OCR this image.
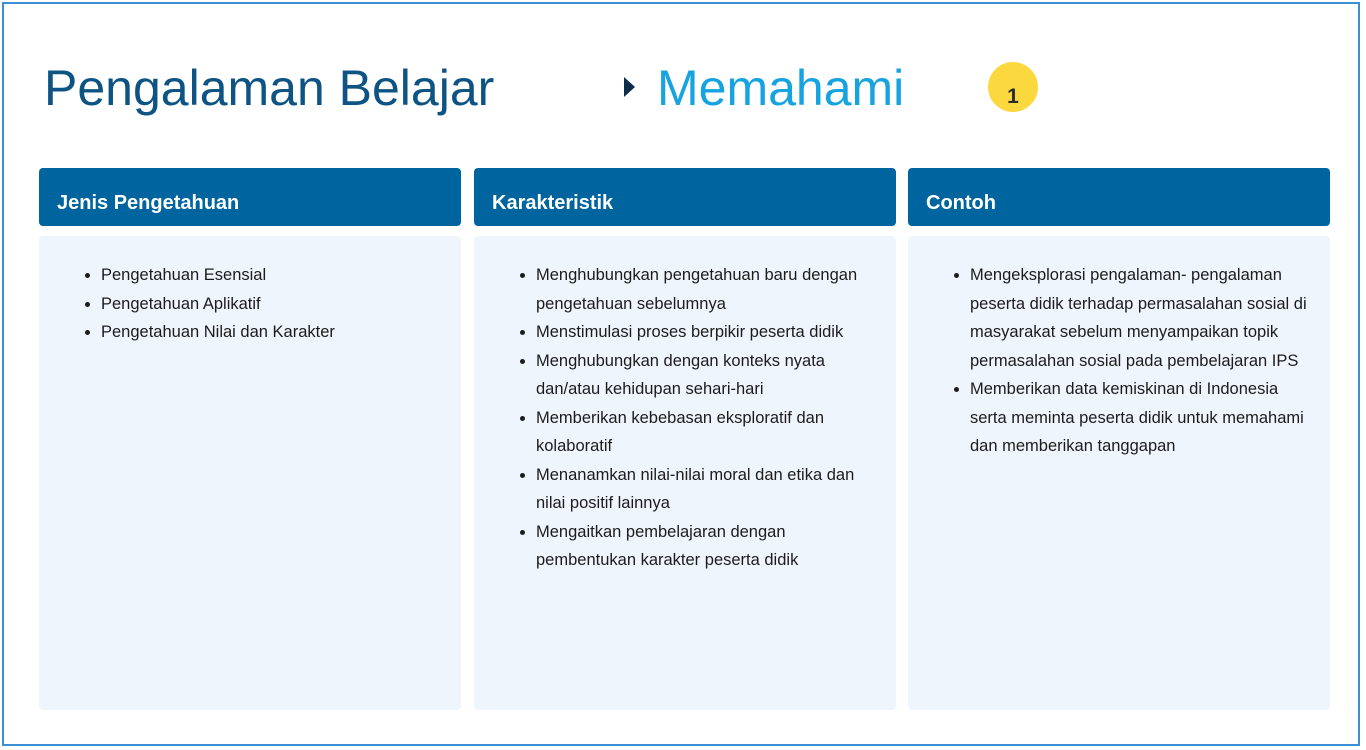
Pengalaman Belajar	Memahami	1
Jenis Pengetahuan
• Pengetahuan Esensial
• Pengetahuan Aplikatif
• Pengetahuan Nilai dan Karakter
Karakteristik
• Menghubungkan pengetahuan baru dengan pengetahuan sebelumnya
• Menstimulasi proses berpikir peserta didik
• Menghubungkan dengan konteks nyata dan/atau kehidupan sehari-hari
• Memberikan kebebasan eksploratif dan kolaboratif
• Menanamkan nilai-nilai moral dan etika dan nilai positif lainnya
• Mengaitkan pembelajaran dengan pembentukan karakter peserta didik
Contoh
• Mengeksplorasi pengalaman- pengalaman peserta didik terhadap permasalahan sosial di masyarakat sebelum menyampaikan topik permasalahan sosial pada pembelajaran IPS
• Memberikan data kemiskinan di Indonesia serta meminta peserta didik untuk memahami dan memberikan tanggapan
